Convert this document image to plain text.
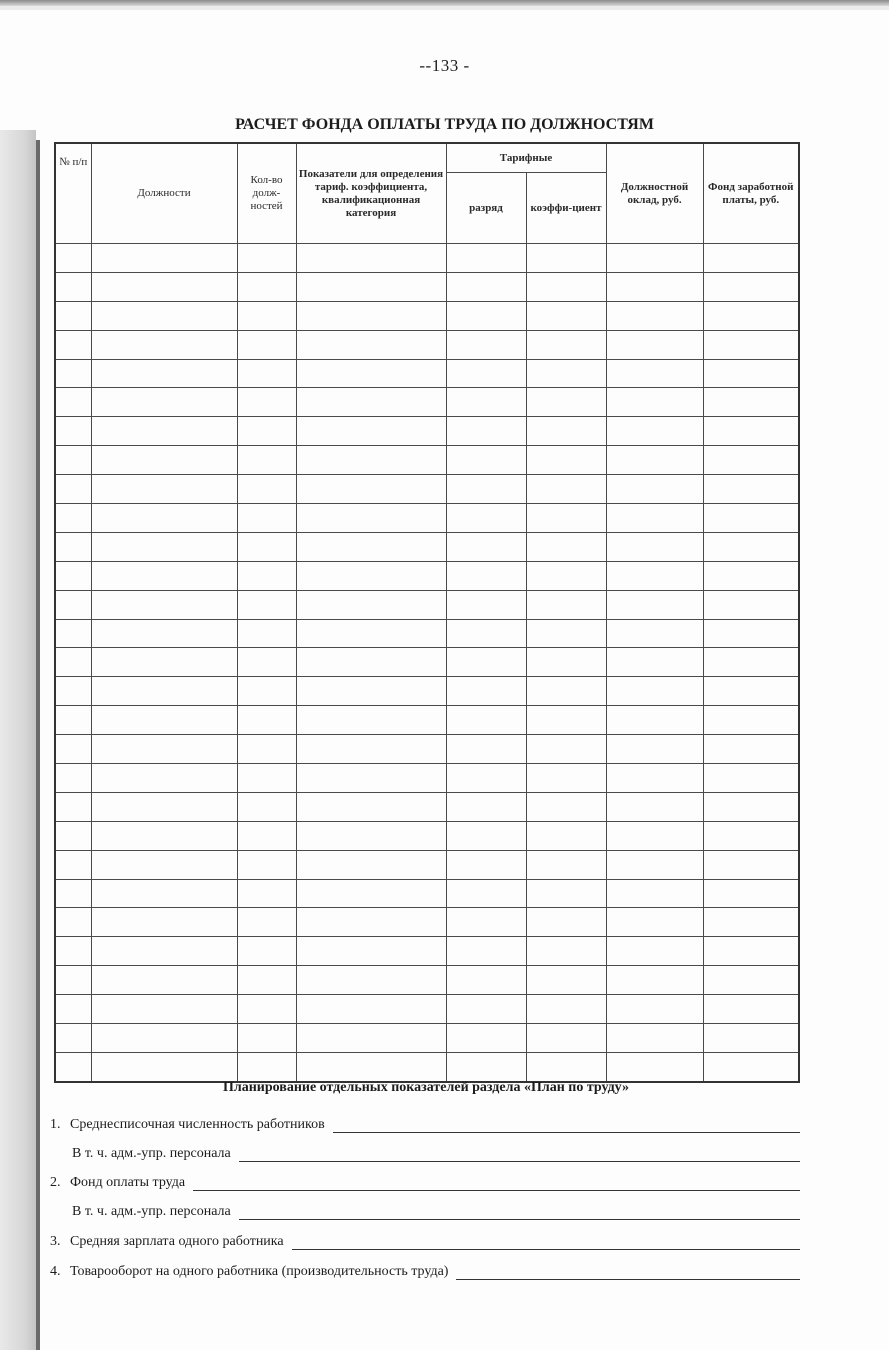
--133 -
РАСЧЕТ ФОНДА ОПЛАТЫ ТРУДА ПО ДОЛЖНОСТЯМ
№ п/п	Должности	Кол-во долж-ностей	Показатели для определения тариф. коэффициента, квалификационная категория	Тарифные		Должностной оклад, руб.	Фонд заработной платы, руб.
				разряд	коэффи-циент		

Планирование отдельных показателей раздела «План по труду»
1. Среднесписочная численность работников
В т. ч. адм.-упр. персонала
2. Фонд оплаты труда
В т. ч. адм.-упр. персонала
3. Средняя зарплата одного работника
4. Товарооборот на одного работника (производительность труда)
